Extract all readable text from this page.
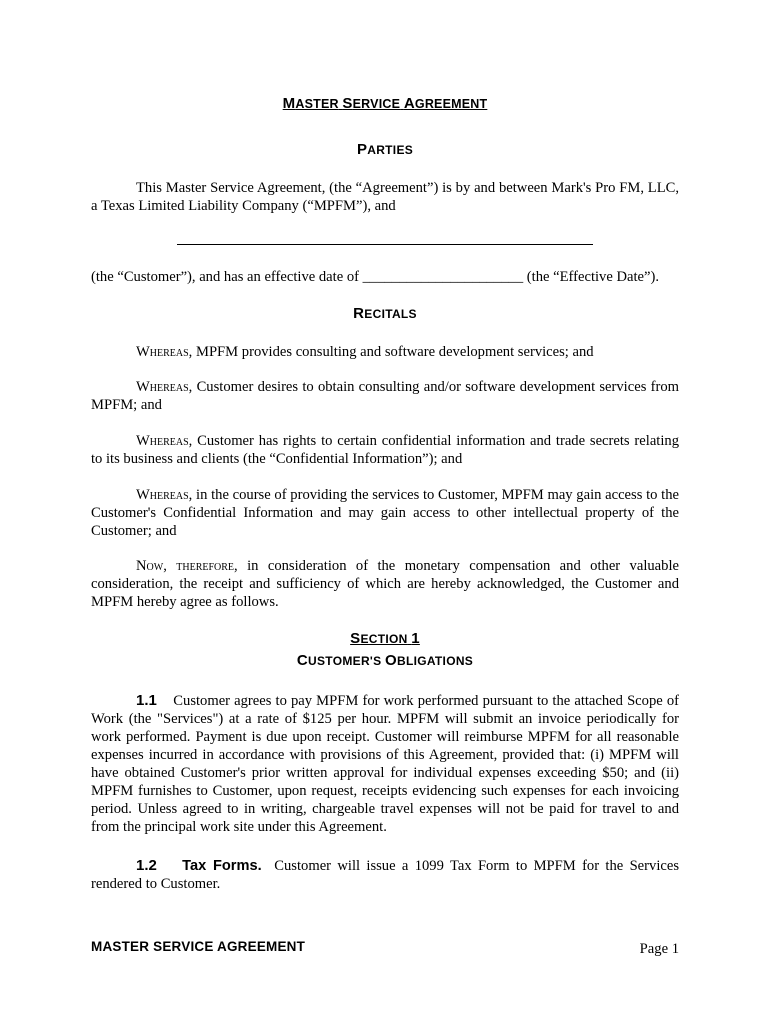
MASTER SERVICE AGREEMENT
PARTIES
This Master Service Agreement, (the “Agreement”) is by and between Mark's Pro FM, LLC, a Texas Limited Liability Company (“MPFM”), and
(the “Customer”), and has an effective date of ______________________ (the “Effective Date”).
RECITALS
Whereas, MPFM provides consulting and software development services; and
Whereas, Customer desires to obtain consulting and/or software development services from MPFM; and
Whereas, Customer has rights to certain confidential information and trade secrets relating to its business and clients (the “Confidential Information”); and
Whereas, in the course of providing the services to Customer, MPFM may gain access to the Customer's Confidential Information and may gain access to other intellectual property of the Customer; and
Now, therefore, in consideration of the monetary compensation and other valuable consideration, the receipt and sufficiency of which are hereby acknowledged, the Customer and MPFM hereby agree as follows.
SECTION 1
CUSTOMER'S OBLIGATIONS
1.1 Customer agrees to pay MPFM for work performed pursuant to the attached Scope of Work (the "Services") at a rate of $125 per hour. MPFM will submit an invoice periodically for work performed. Payment is due upon receipt. Customer will reimburse MPFM for all reasonable expenses incurred in accordance with provisions of this Agreement, provided that: (i) MPFM will have obtained Customer's prior written approval for individual expenses exceeding $50; and (ii) MPFM furnishes to Customer, upon request, receipts evidencing such expenses for each invoicing period. Unless agreed to in writing, chargeable travel expenses will not be paid for travel to and from the principal work site under this Agreement.
1.2 Tax Forms. Customer will issue a 1099 Tax Form to MPFM for the Services rendered to Customer.
MASTER SERVICE AGREEMENT	Page 1
